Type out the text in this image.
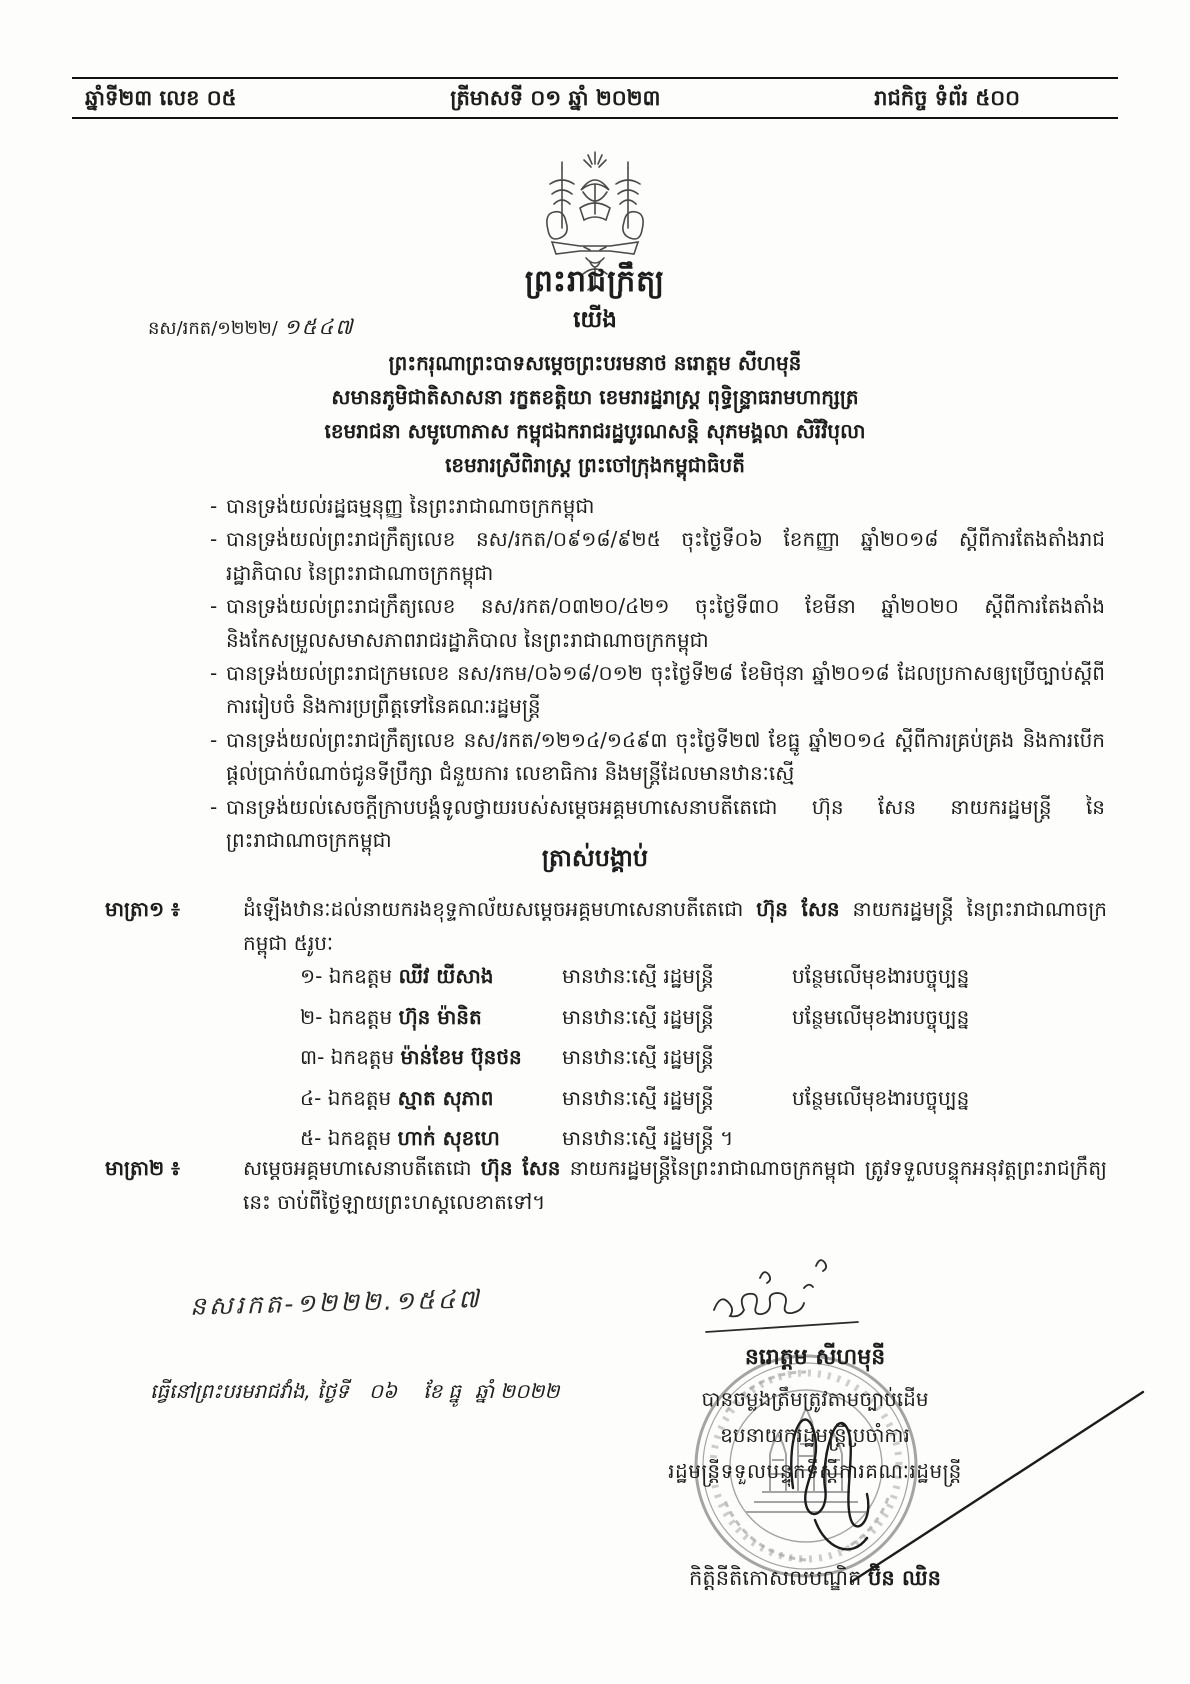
ឆ្នាំទី២៣ លេខ ០៥	ត្រីមាសទី ០១ ឆ្នាំ ២០២៣	រាជកិច្ច ទំព័រ ៥០០
ព្រះរាជក្រឹត្យ
នស/រកត/១២២២/ ១៥៤៧	យើង
ព្រះករុណាព្រះបាទសម្តេចព្រះបរមនាថ នរោត្តម សីហមុនី
សមានភូមិជាតិសាសនា រក្ខតខត្តិយា ខេមរារដ្ឋរាស្ត្រ ពុទ្ធិន្ទ្រាធរាមហាក្សត្រ
ខេមរាជនា សមូហោភាស កម្ពុជឯករាជរដ្ឋបូរណសន្តិ សុភមង្គលា សិរីវិបុលា
ខេមរារស្រីពិរាស្ត្រ ព្រះចៅក្រុងកម្ពុជាធិបតី
- បានទ្រង់យល់រដ្ឋធម្មនុញ្ញ នៃព្រះរាជាណាចក្រកម្ពុជា
- បានទ្រង់យល់ព្រះរាជក្រឹត្យលេខ នស/រកត/០៩១៨/៩២៥ ចុះថ្ងៃទី០៦ ខែកញ្ញា ឆ្នាំ២០១៨ ស្តីពីការតែងតាំងរាជរដ្ឋាភិបាល នៃព្រះរាជាណាចក្រកម្ពុជា
- បានទ្រង់យល់ព្រះរាជក្រឹត្យលេខ នស/រកត/០៣២០/៤២១ ចុះថ្ងៃទី៣០ ខែមីនា ឆ្នាំ២០២០ ស្តីពីការតែងតាំង និងកែសម្រួលសមាសភាពរាជរដ្ឋាភិបាល នៃព្រះរាជាណាចក្រកម្ពុជា
- បានទ្រង់យល់ព្រះរាជក្រមលេខ នស/រកម/០៦១៨/០១២ ចុះថ្ងៃទី២៨ ខែមិថុនា ឆ្នាំ២០១៨ ដែលប្រកាសឲ្យប្រើច្បាប់ស្តីពីការរៀបចំ និងការប្រព្រឹត្តទៅនៃគណៈរដ្ឋមន្ត្រី
- បានទ្រង់យល់ព្រះរាជក្រឹត្យលេខ នស/រកត/១២១៤/១៤៩៣ ចុះថ្ងៃទី២៧ ខែធ្នូ ឆ្នាំ២០១៤ ស្តីពីការគ្រប់គ្រង និងការបើកផ្តល់ប្រាក់បំណាច់ជូនទីប្រឹក្សា ជំនួយការ លេខាធិការ និងមន្ត្រីដែលមានឋានៈស្មើ
- បានទ្រង់យល់សេចក្តីក្រាបបង្គំទូលថ្វាយរបស់សម្តេចអគ្គមហាសេនាបតីតេជោ ហ៊ុន សែន នាយករដ្ឋមន្ត្រី នៃព្រះរាជាណាចក្រកម្ពុជា
ត្រាស់បង្គាប់
មាត្រា១ ៖	ដំឡើងឋានៈដល់នាយករងខុទ្ទកាល័យសម្តេចអគ្គមហាសេនាបតីតេជោ ហ៊ុន សែន នាយករដ្ឋមន្ត្រី នៃព្រះរាជាណាចក្រកម្ពុជា ៥រូបៈ
១- ឯកឧត្តម ឈីវ យីសាង	មានឋានៈស្មើ រដ្ឋមន្ត្រី	បន្ថែមលើមុខងារបច្ចុប្បន្ន
២- ឯកឧត្តម ហ៊ុន ម៉ានិត	មានឋានៈស្មើ រដ្ឋមន្ត្រី	បន្ថែមលើមុខងារបច្ចុប្បន្ន
៣- ឯកឧត្តម ម៉ាន់ខែម ប៊ុនថន	មានឋានៈស្មើ រដ្ឋមន្ត្រី
៤- ឯកឧត្តម ស្មាត សុភាព	មានឋានៈស្មើ រដ្ឋមន្ត្រី	បន្ថែមលើមុខងារបច្ចុប្បន្ន
៥- ឯកឧត្តម ហាក់ សុខហេ	មានឋានៈស្មើ រដ្ឋមន្ត្រី ។
មាត្រា២ ៖	សម្តេចអគ្គមហាសេនាបតីតេជោ ហ៊ុន សែន នាយករដ្ឋមន្ត្រីនៃព្រះរាជាណាចក្រកម្ពុជា ត្រូវទទួលបន្ទុកអនុវត្តព្រះរាជក្រឹត្យនេះ ចាប់ពីថ្ងៃឡាយព្រះហស្តលេខាតទៅ។
នសរកត-១២២២.១៥៤៧
ធ្វើនៅព្រះបរមរាជវាំង, ថ្ងៃទី ០៦ ខែ ធ្នូ ឆ្នាំ ២០២២
នរោត្តម សីហមុនី
បានចម្លងត្រឹមត្រូវតាមច្បាប់ដើម
ឧបនាយករដ្ឋមន្ត្រីប្រចាំការ
រដ្ឋមន្ត្រីទទួលបន្ទុកទីស្តីការគណៈរដ្ឋមន្ត្រី
កិត្តិនីតិកោសលបណ្ឌិត ប៊ិន ឈិន
